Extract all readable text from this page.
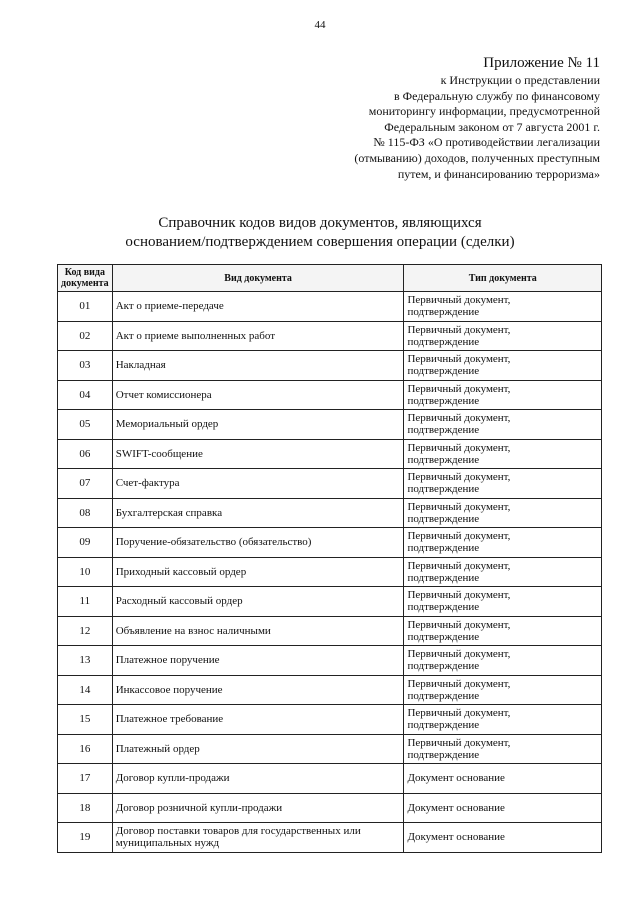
44
Приложение № 11
к Инструкции о представлении
в Федеральную службу по финансовому
мониторингу информации, предусмотренной
Федеральным законом от 7 августа 2001 г.
№ 115-ФЗ «О противодействии легализации
(отмыванию) доходов, полученных преступным
путем, и финансированию терроризма»
Справочник кодов видов документов, являющихся
основанием/подтверждением совершения операции (сделки)
Код вида
документа	Вид документа	Тип документа
01	Акт о приеме-передаче	Первичный документ,
подтверждение

02	Акт о приеме выполненных работ	Первичный документ,
подтверждение

03	Накладная	Первичный документ,
подтверждение

04	Отчет комиссионера	Первичный документ,
подтверждение

05	Мемориальный ордер	Первичный документ,
подтверждение

06	SWIFT-сообщение	Первичный документ,
подтверждение

07	Счет-фактура	Первичный документ,
подтверждение

08	Бухгалтерская справка	Первичный документ,
подтверждение

09	Поручение-обязательство (обязательство)	Первичный документ,
подтверждение

10	Приходный кассовый ордер	Первичный документ,
подтверждение

11	Расходный кассовый ордер	Первичный документ,
подтверждение

12	Объявление на взнос наличными	Первичный документ,
подтверждение

13	Платежное поручение	Первичный документ,
подтверждение

14	Инкассовое поручение	Первичный документ,
подтверждение

15	Платежное требование	Первичный документ,
подтверждение

16	Платежный ордер	Первичный документ,
подтверждение

17	Договор купли-продажи	Документ основание

18	Договор розничной купли-продажи	Документ основание

19	Договор поставки товаров для государственных или муниципальных нужд	Документ основание
